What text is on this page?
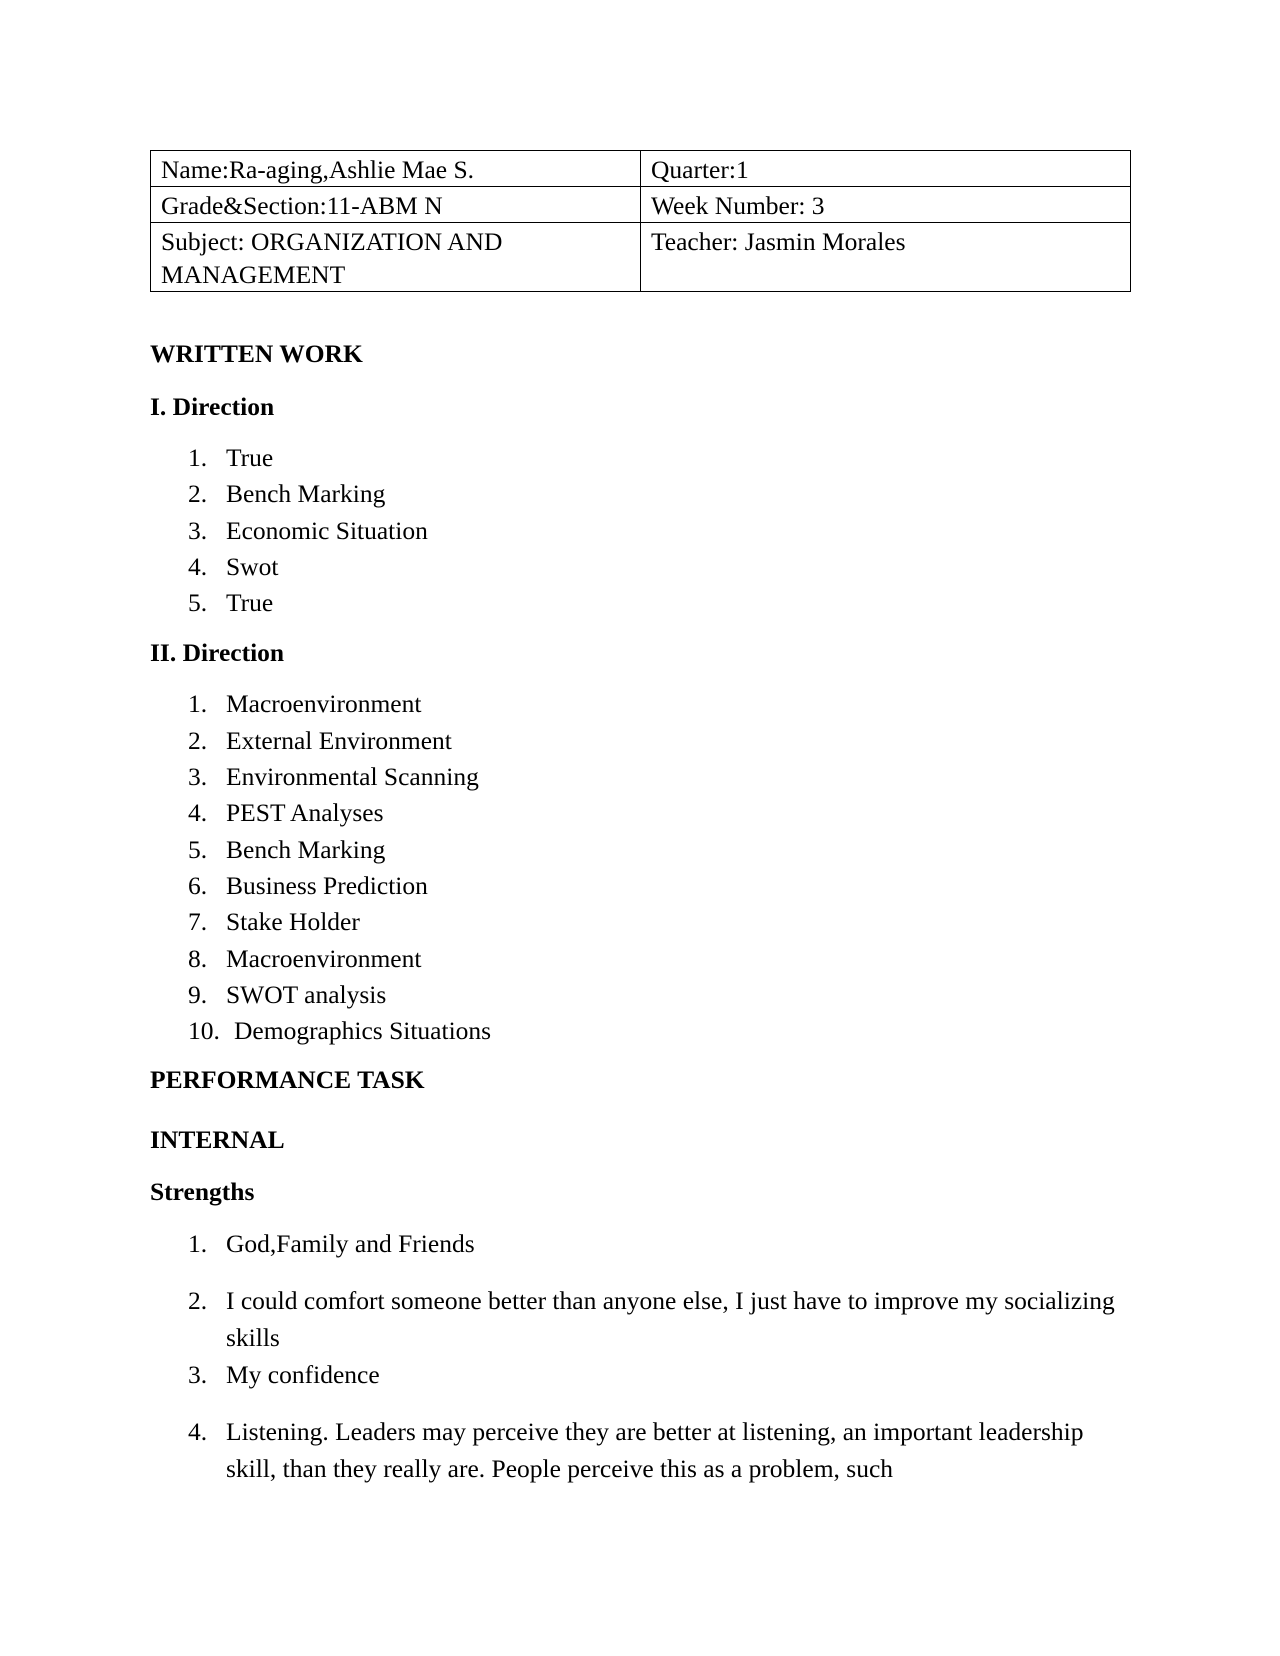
Name:Ra-aging,Ashlie Mae S.	Quarter:1
Grade&Section:11-ABM N	Week Number: 3
Subject: ORGANIZATION AND
MANAGEMENT	Teacher: Jasmin Morales

WRITTEN WORK

I. Direction

1. True
2. Bench Marking
3. Economic Situation
4. Swot
5. True

II. Direction

1. Macroenvironment
2. External Environment
3. Environmental Scanning
4. PEST Analyses
5. Bench Marking
6. Business Prediction
7. Stake Holder
8. Macroenvironment
9. SWOT analysis
10. Demographics Situations

PERFORMANCE TASK

INTERNAL

Strengths

1. God,Family and Friends
2. I could comfort someone better than anyone else, I just have to improve my socializing skills
3. My confidence
4. Listening. Leaders may perceive they are better at listening, an important leadership skill, than they really are. People perceive this as a problem, such
